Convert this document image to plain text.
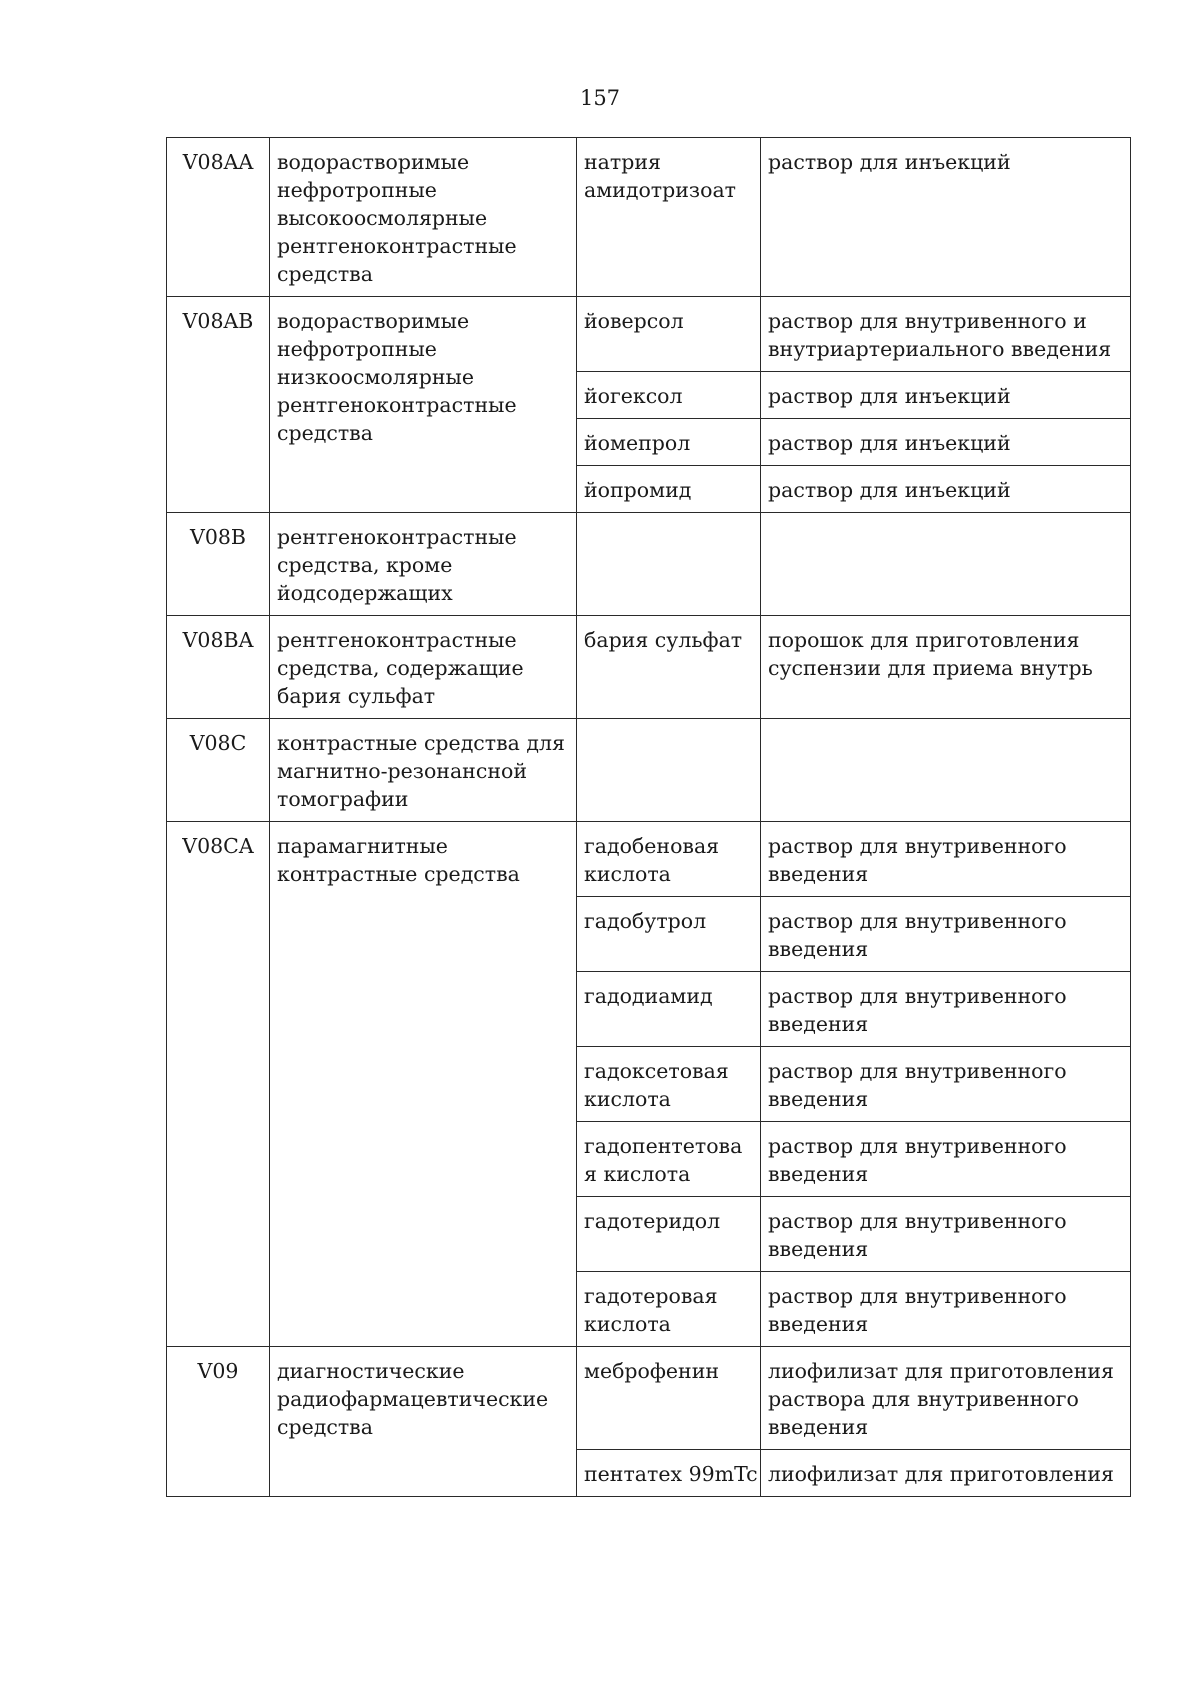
157
V08AA	водорастворимые нефротропные высокоосмолярные рентгеноконтрастные средства	натрия амидотризоат	раствор для инъекций
V08AB	водорастворимые нефротропные низкоосмолярные рентгеноконтрастные средства	йоверсол	раствор для внутривенного и внутриартериального введения
		йогексол	раствор для инъекций
		йомепрол	раствор для инъекций
		йопромид	раствор для инъекций
V08B	рентгеноконтрастные средства, кроме йодсодержащих		
V08BA	рентгеноконтрастные средства, содержащие бария сульфат	бария сульфат	порошок для приготовления суспензии для приема внутрь
V08C	контрастные средства для магнитно-резонансной томографии		
V08CA	парамагнитные контрастные средства	гадобеновая кислота	раствор для внутривенного введения
		гадобутрол	раствор для внутривенного введения
		гадодиамид	раствор для внутривенного введения
		гадоксетовая кислота	раствор для внутривенного введения
		гадопентетовая кислота	раствор для внутривенного введения
		гадотеридол	раствор для внутривенного введения
		гадотеровая кислота	раствор для внутривенного введения
V09	диагностические радиофармацевтические средства	меброфенин	лиофилизат для приготовления раствора для внутривенного введения
		пентатех 99mTc	лиофилизат для приготовления
